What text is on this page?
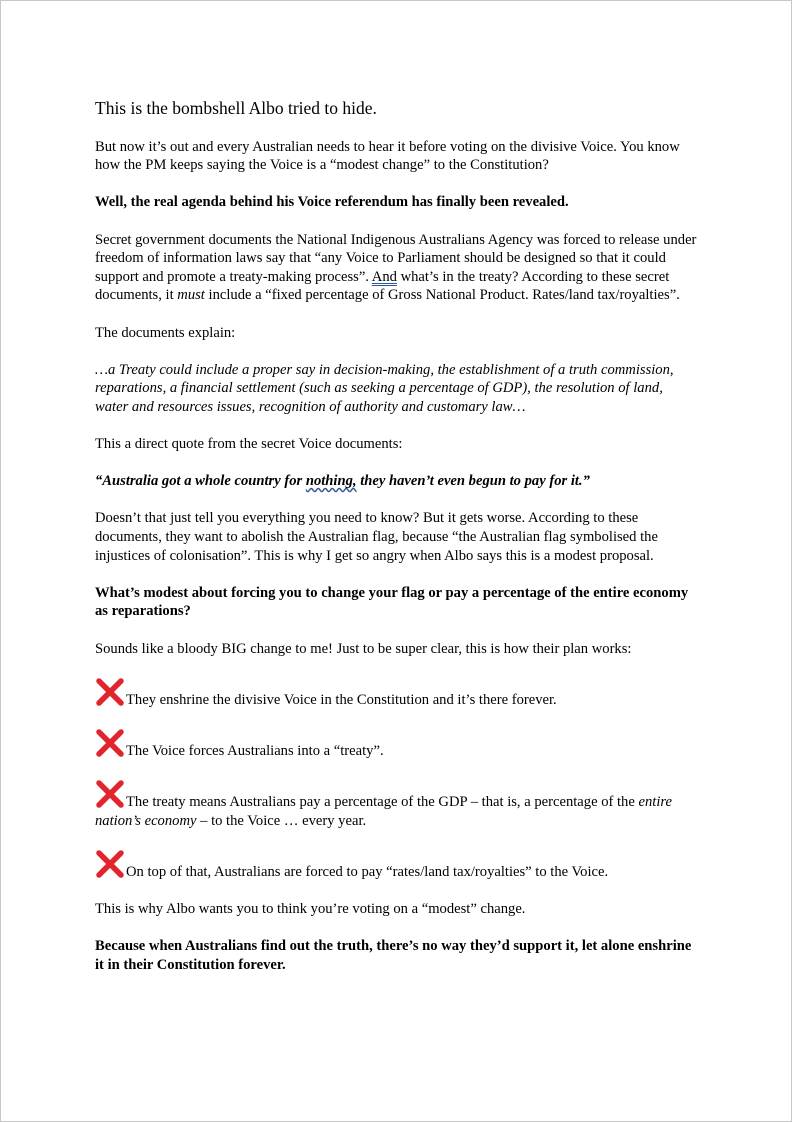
This is the bombshell Albo tried to hide.

But now it’s out and every Australian needs to hear it before voting on the divisive Voice. You know how the PM keeps saying the Voice is a “modest change” to the Constitution?

Well, the real agenda behind his Voice referendum has finally been revealed.

Secret government documents the National Indigenous Australians Agency was forced to release under freedom of information laws say that “any Voice to Parliament should be designed so that it could support and promote a treaty-making process”. And what’s in the treaty? According to these secret documents, it must include a “fixed percentage of Gross National Product. Rates/land tax/royalties”.

The documents explain:

…a Treaty could include a proper say in decision-making, the establishment of a truth commission, reparations, a financial settlement (such as seeking a percentage of GDP), the resolution of land, water and resources issues, recognition of authority and customary law…

This a direct quote from the secret Voice documents:

“Australia got a whole country for nothing, they haven’t even begun to pay for it.”

Doesn’t that just tell you everything you need to know? But it gets worse. According to these documents, they want to abolish the Australian flag, because “the Australian flag symbolised the injustices of colonisation”. This is why I get so angry when Albo says this is a modest proposal.

What’s modest about forcing you to change your flag or pay a percentage of the entire economy as reparations?

Sounds like a bloody BIG change to me! Just to be super clear, this is how their plan works:

They enshrine the divisive Voice in the Constitution and it’s there forever.

The Voice forces Australians into a “treaty”.

The treaty means Australians pay a percentage of the GDP – that is, a percentage of the entire nation’s economy – to the Voice … every year.

On top of that, Australians are forced to pay “rates/land tax/royalties” to the Voice.

This is why Albo wants you to think you’re voting on a “modest” change.

Because when Australians find out the truth, there’s no way they’d support it, let alone enshrine it in their Constitution forever.
